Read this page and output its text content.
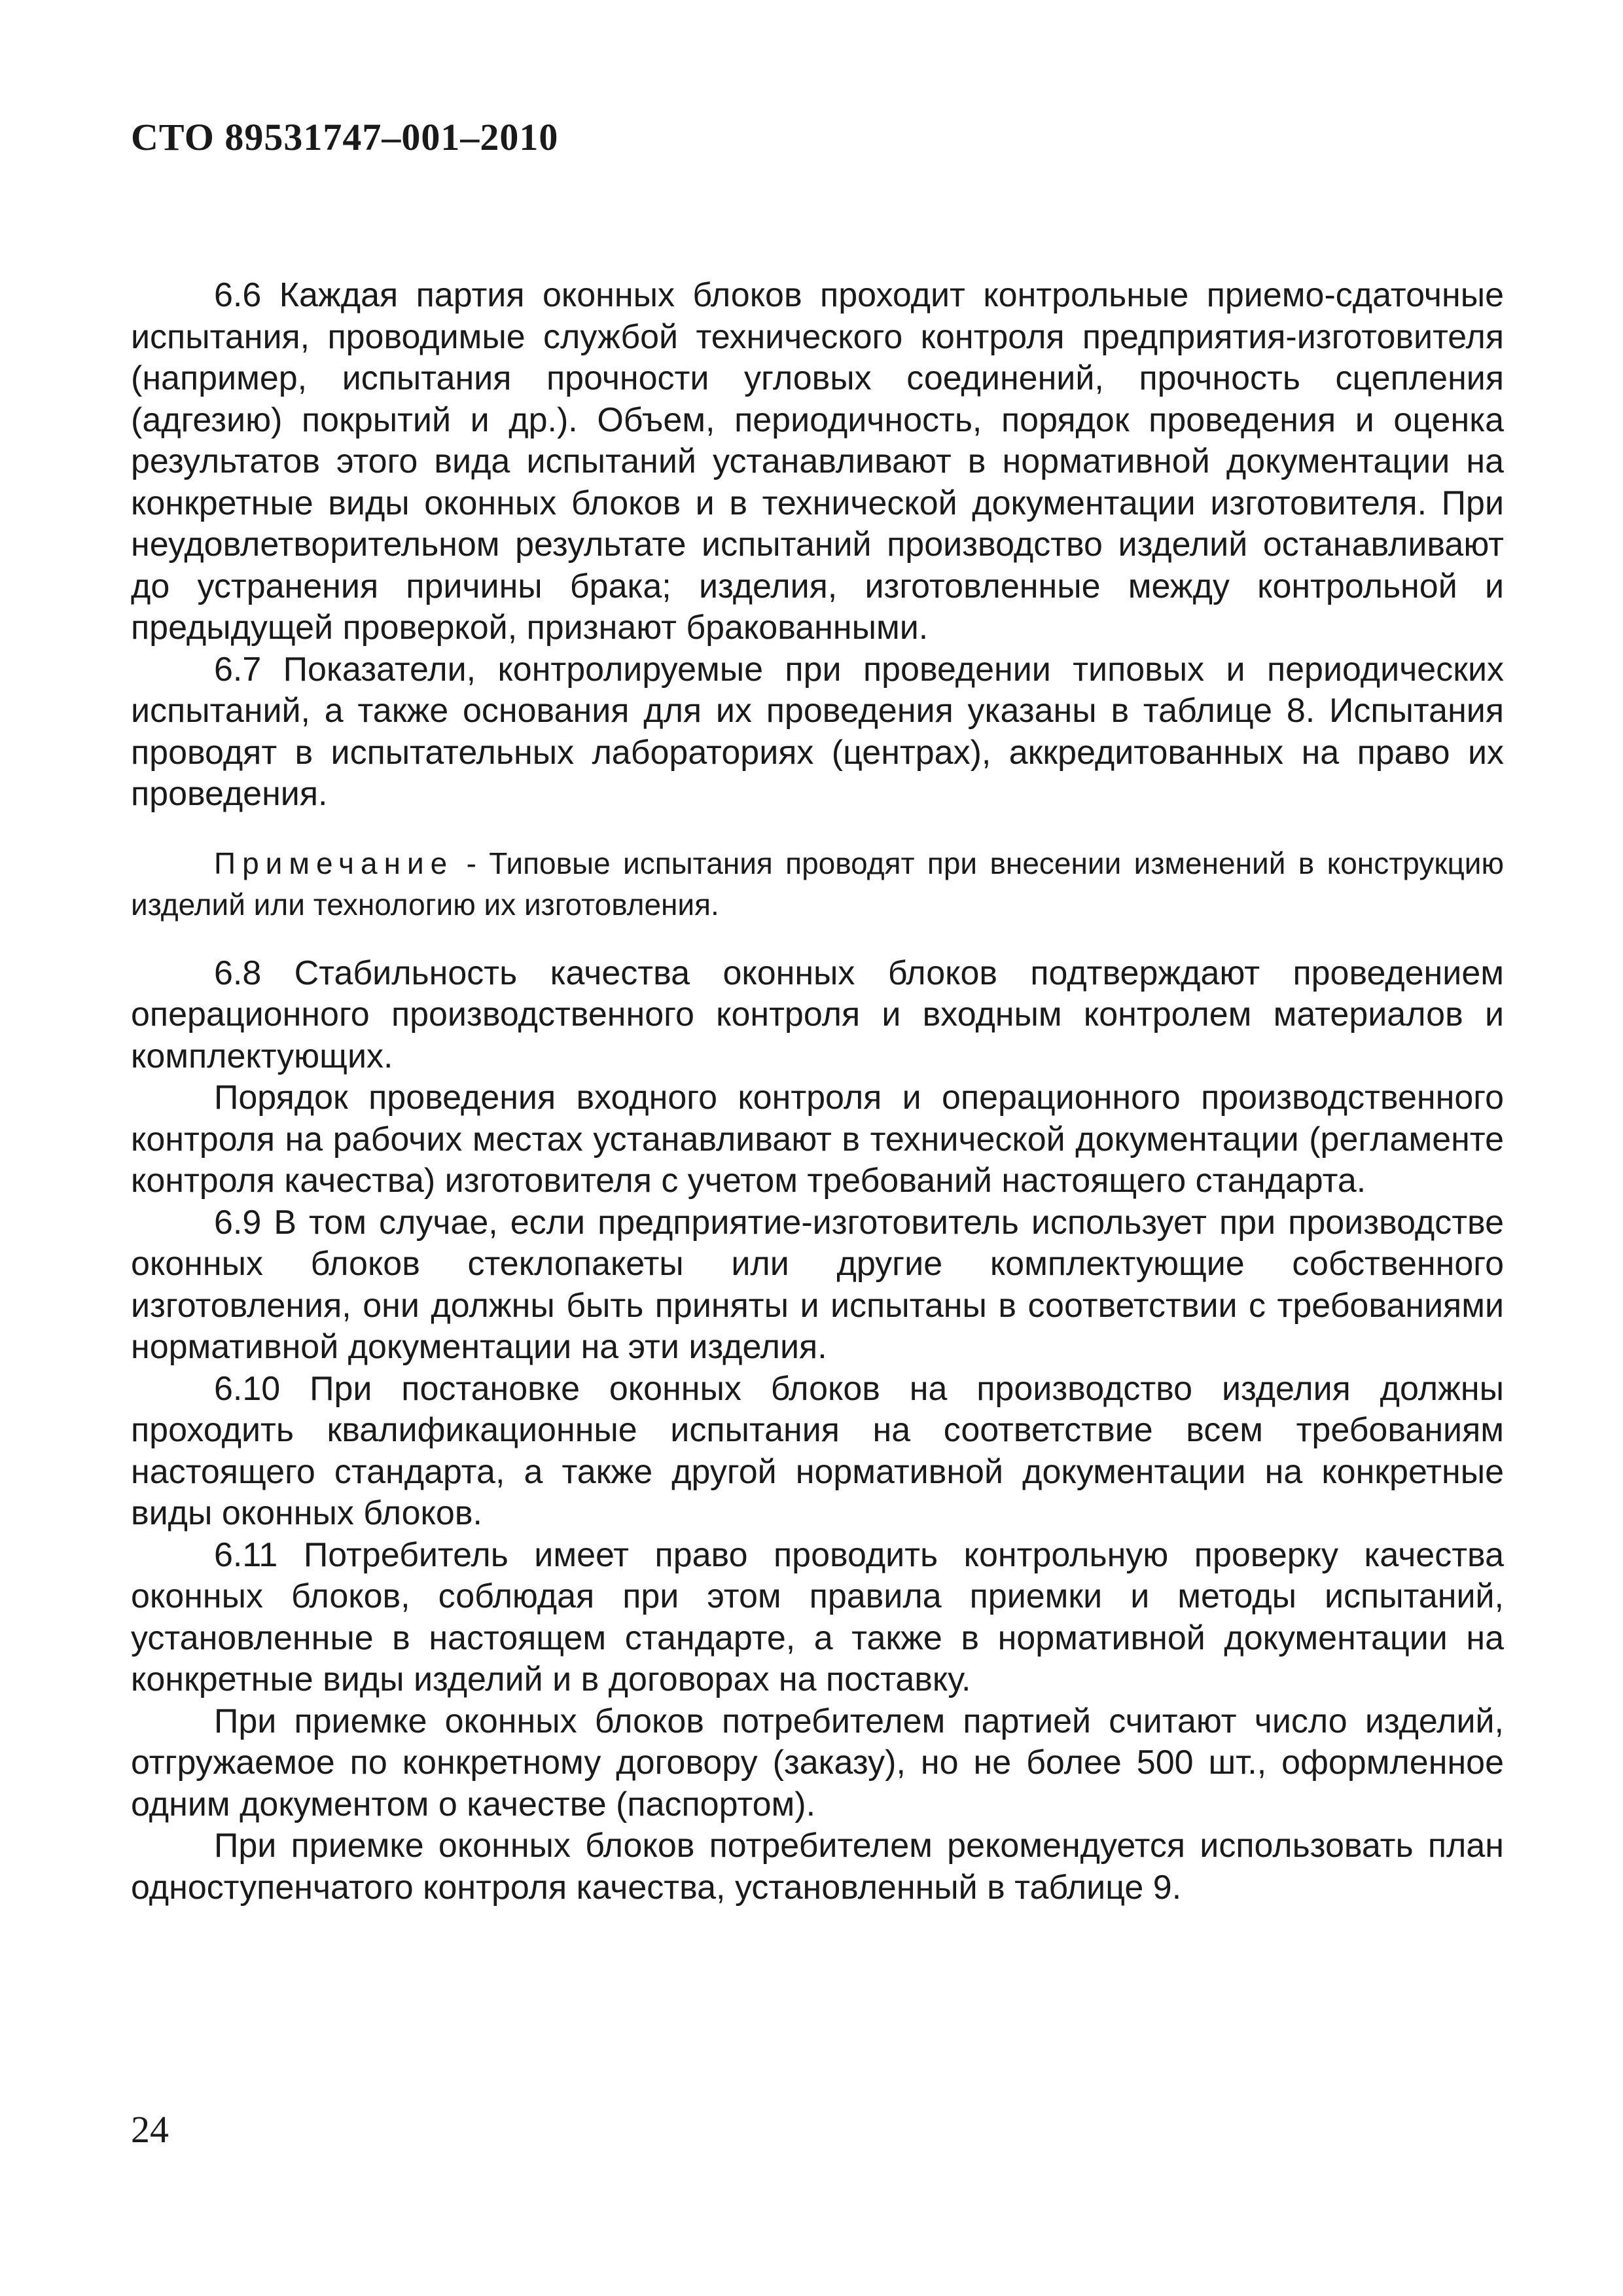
СТО 89531747–001–2010

6.6 Каждая партия оконных блоков проходит контрольные приемо-сдаточные испытания, проводимые службой технического контроля предприятия-изготовителя (например, испытания прочности угловых соединений, прочность сцепления (адгезию) покрытий и др.). Объем, периодичность, порядок проведения и оценка результатов этого вида испытаний устанавливают в нормативной документации на конкретные виды оконных блоков и в технической документации изготовителя. При неудовлетворительном результате испытаний производство изделий останавливают до устранения причины брака; изделия, изготовленные между контрольной и предыдущей проверкой, признают бракованными.

6.7 Показатели, контролируемые при проведении типовых и периодических испытаний, а также основания для их проведения указаны в таблице 8. Испытания проводят в испытательных лабораториях (центрах), аккредитованных на право их проведения.

Примечание - Типовые испытания проводят при внесении изменений в конструкцию изделий или технологию их изготовления.

6.8 Стабильность качества оконных блоков подтверждают проведением операционного производственного контроля и входным контролем материалов и комплектующих.

Порядок проведения входного контроля и операционного производственного контроля на рабочих местах устанавливают в технической документации (регламенте контроля качества) изготовителя с учетом требований настоящего стандарта.

6.9 В том случае, если предприятие-изготовитель использует при производстве оконных блоков стеклопакеты или другие комплектующие собственного изготовления, они должны быть приняты и испытаны в соответствии с требованиями нормативной документации на эти изделия.

6.10 При постановке оконных блоков на производство изделия должны проходить квалификационные испытания на соответствие всем требованиям настоящего стандарта, а также другой нормативной документации на конкретные виды оконных блоков.

6.11 Потребитель имеет право проводить контрольную проверку качества оконных блоков, соблюдая при этом правила приемки и методы испытаний, установленные в настоящем стандарте, а также в нормативной документации на конкретные виды изделий и в договорах на поставку.

При приемке оконных блоков потребителем партией считают число изделий, отгружаемое по конкретному договору (заказу), но не более 500 шт., оформленное одним документом о качестве (паспортом).

При приемке оконных блоков потребителем рекомендуется использовать план одноступенчатого контроля качества, установленный в таблице 9.

24
